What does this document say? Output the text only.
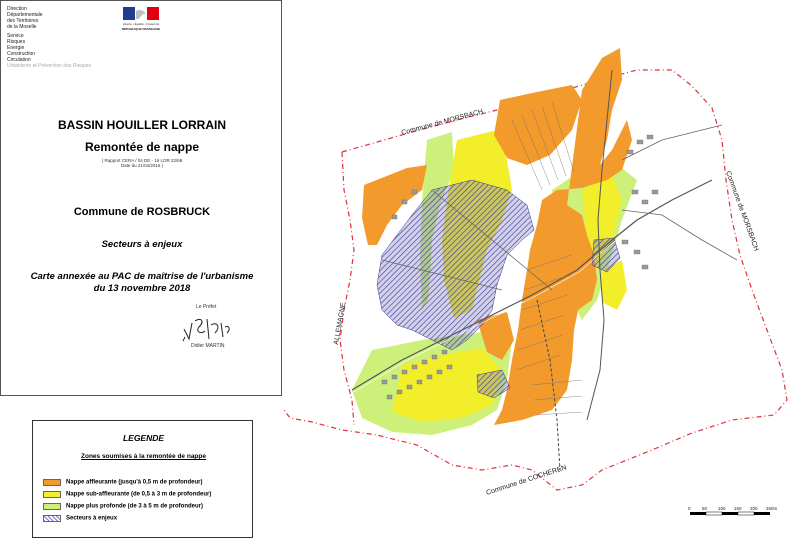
Direction
Départementale
des Territoires
de la Moselle
Service
Risques
Energie
Construction
Circulation
Urbanisme et Prévention des Risques
Liberté • Égalité • Fraternité
RÉPUBLIQUE FRANÇAISE
BASSIN HOUILLER LORRAIN
Remontée de nappe
( Rapport CERA / 04 DE - 16 LOR 22/68
Date du 21/04/2016 )
Commune de ROSBRUCK
Secteurs à enjeux
Carte annexée au PAC de maîtrise de l'urbanisme
du 13 novembre 2018
Le Préfet
Didier MARTIN
LEGENDE
Zones soumises à la remontée de nappe
Nappe affleurante (jusqu'à 0,5 m de profondeur)
Nappe sub-affleurante (de 0,5 à 3 m de profondeur)
Nappe plus profonde (de 3 à 5 m de profondeur)
Secteurs à enjeux
Commune de MORSBACH
Commune de MORSBACH
ALLEMAGNE
Commune de COCHEREN
0	50 100 150 200 250m
